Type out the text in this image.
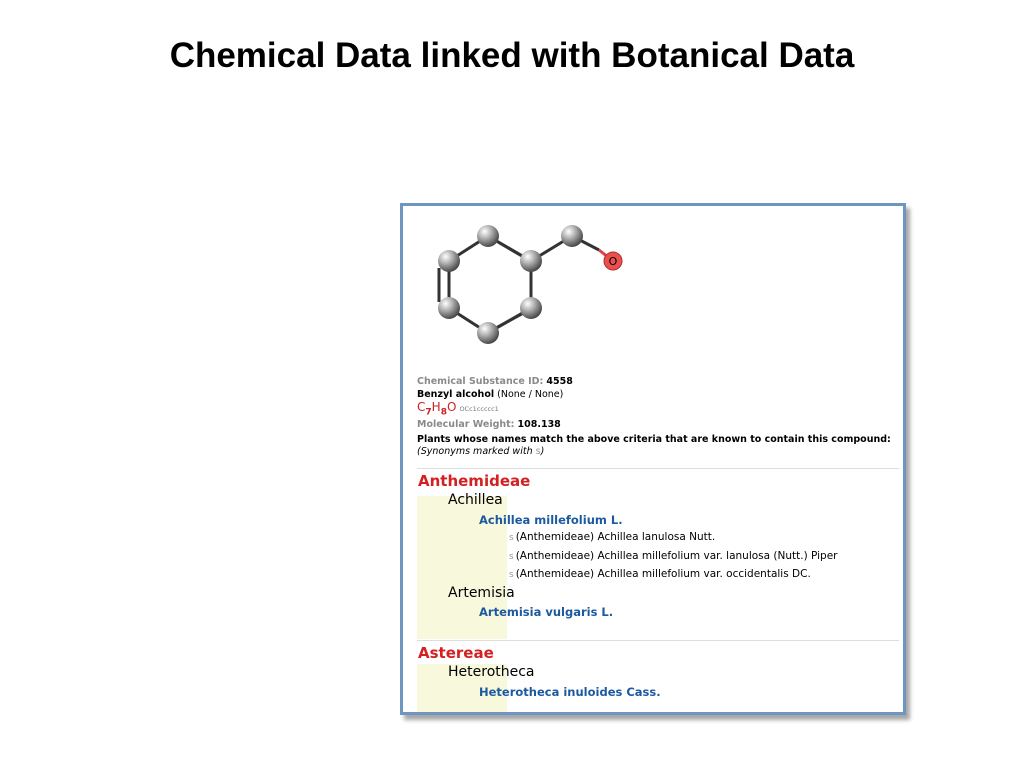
Chemical Data linked with Botanical Data
O
Chemical Substance ID: 4558
Benzyl alcohol (None / None)
$C_7H_8O$ OCc1ccccc1
Molecular Weight: 108.138
Plants whose names match the above criteria that are known to contain this compound:
(Synonyms marked with s)
Anthemideae
Achillea
Achillea millefolium L.
s (Anthemideae) Achillea lanulosa Nutt.
s (Anthemideae) Achillea millefolium var. lanulosa (Nutt.) Piper
s (Anthemideae) Achillea millefolium var. occidentalis DC.
Artemisia
Artemisia vulgaris L.
Astereae
Heterotheca
Heterotheca inuloides Cass.
